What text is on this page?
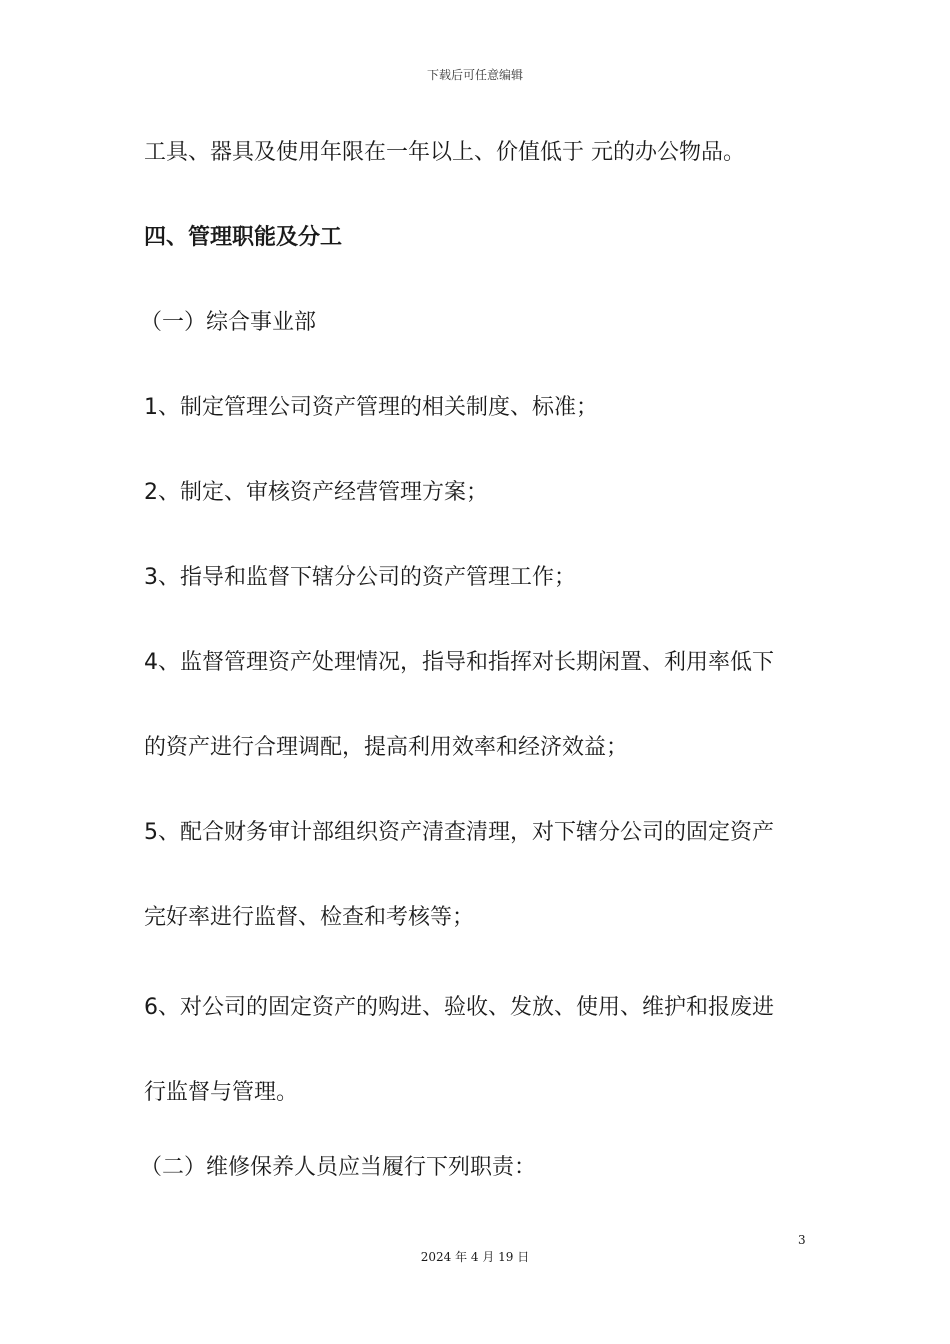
下载后可任意编辑
工具、器具及使用年限在一年以上、价值低于 元的办公物品。
四、管理职能及分工
（一）综合事业部
1、制定管理公司资产管理的相关制度、标准；
2、制定、审核资产经营管理方案；
3、指导和监督下辖分公司的资产管理工作；
4、监督管理资产处理情况，指导和指挥对长期闲置、利用率低下
的资产进行合理调配，提高利用效率和经济效益；
5、配合财务审计部组织资产清查清理，对下辖分公司的固定资产
完好率进行监督、检查和考核等；
6、对公司的固定资产的购进、验收、发放、使用、维护和报废进
行监督与管理。
（二）维修保养人员应当履行下列职责：
3
2024 年 4 月 19 日
